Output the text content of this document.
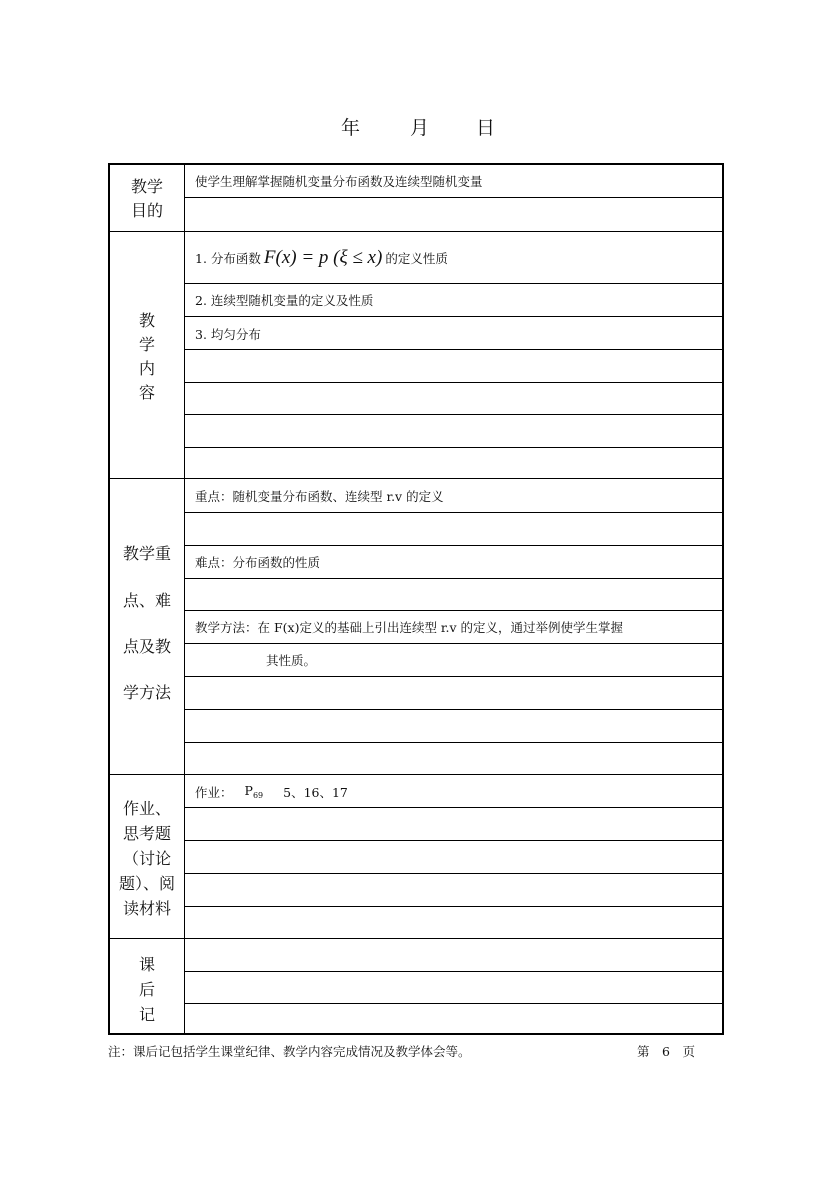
年	月 日
教学
目的
使学生理解掌握随机变量分布函数及连续型随机变量
教
学
内
容
1. 分布函数 F(x) = p (ξ ≤ x) 的定义性质
2. 连续型随机变量的定义及性质
3. 均匀分布
教学重
点、难
点及教
学方法
重点：随机变量分布函数、连续型 r.v 的定义
难点：分布函数的性质
教学方法：在 F(x)定义的基础上引出连续型 r.v 的定义，通过举例使学生掌握
其性质。
作业、
思考题
（讨论
题）、阅
读材料
作业： $P_{69}$ 5、16、17
课
后
记
注：课后记包括学生课堂纪律、教学内容完成情况及教学体会等。	第　6　页
